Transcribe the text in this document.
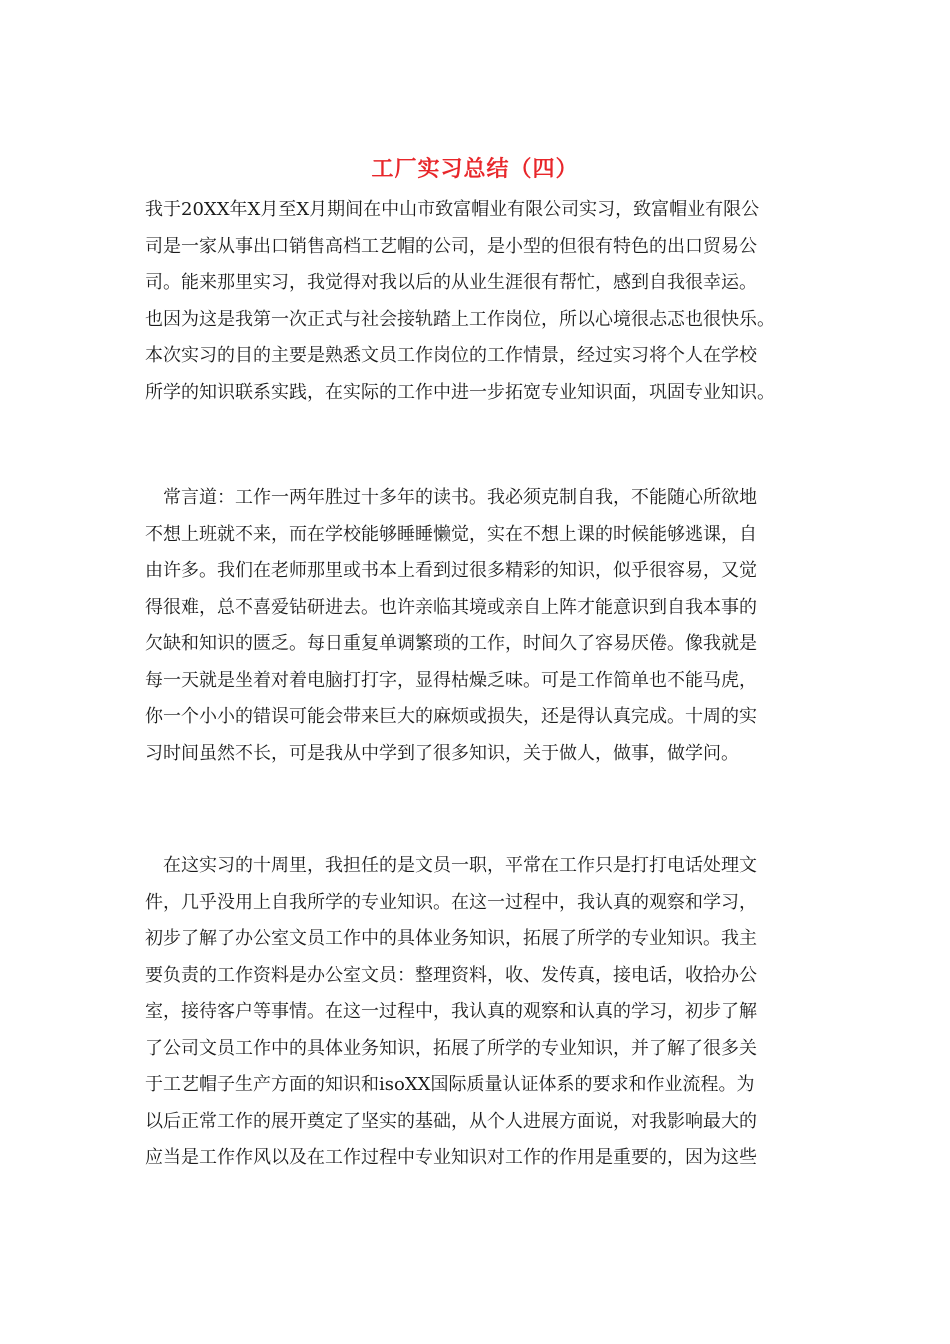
工厂实习总结（四）
我于20XX年X月至X月期间在中山市致富帽业有限公司实习，致富帽业有限公
司是一家从事出口销售高档工艺帽的公司，是小型的但很有特色的出口贸易公
司。能来那里实习，我觉得对我以后的从业生涯很有帮忙，感到自我很幸运。
也因为这是我第一次正式与社会接轨踏上工作岗位，所以心境很忐忑也很快乐。
本次实习的目的主要是熟悉文员工作岗位的工作情景，经过实习将个人在学校
所学的知识联系实践，在实际的工作中进一步拓宽专业知识面，巩固专业知识。
　常言道：工作一两年胜过十多年的读书。我必须克制自我，不能随心所欲地
不想上班就不来，而在学校能够睡睡懒觉，实在不想上课的时候能够逃课，自
由许多。我们在老师那里或书本上看到过很多精彩的知识，似乎很容易，又觉
得很难，总不喜爱钻研进去。也许亲临其境或亲自上阵才能意识到自我本事的
欠缺和知识的匮乏。每日重复单调繁琐的工作，时间久了容易厌倦。像我就是
每一天就是坐着对着电脑打打字，显得枯燥乏味。可是工作简单也不能马虎，
你一个小小的错误可能会带来巨大的麻烦或损失，还是得认真完成。十周的实
习时间虽然不长，可是我从中学到了很多知识，关于做人，做事，做学问。
　在这实习的十周里，我担任的是文员一职，平常在工作只是打打电话处理文
件，几乎没用上自我所学的专业知识。在这一过程中，我认真的观察和学习，
初步了解了办公室文员工作中的具体业务知识，拓展了所学的专业知识。我主
要负责的工作资料是办公室文员：整理资料，收、发传真，接电话，收拾办公
室，接待客户等事情。在这一过程中，我认真的观察和认真的学习，初步了解
了公司文员工作中的具体业务知识，拓展了所学的专业知识，并了解了很多关
于工艺帽子生产方面的知识和isoXX国际质量认证体系的要求和作业流程。为
以后正常工作的展开奠定了坚实的基础，从个人进展方面说，对我影响最大的
应当是工作作风以及在工作过程中专业知识对工作的作用是重要的，因为这些
